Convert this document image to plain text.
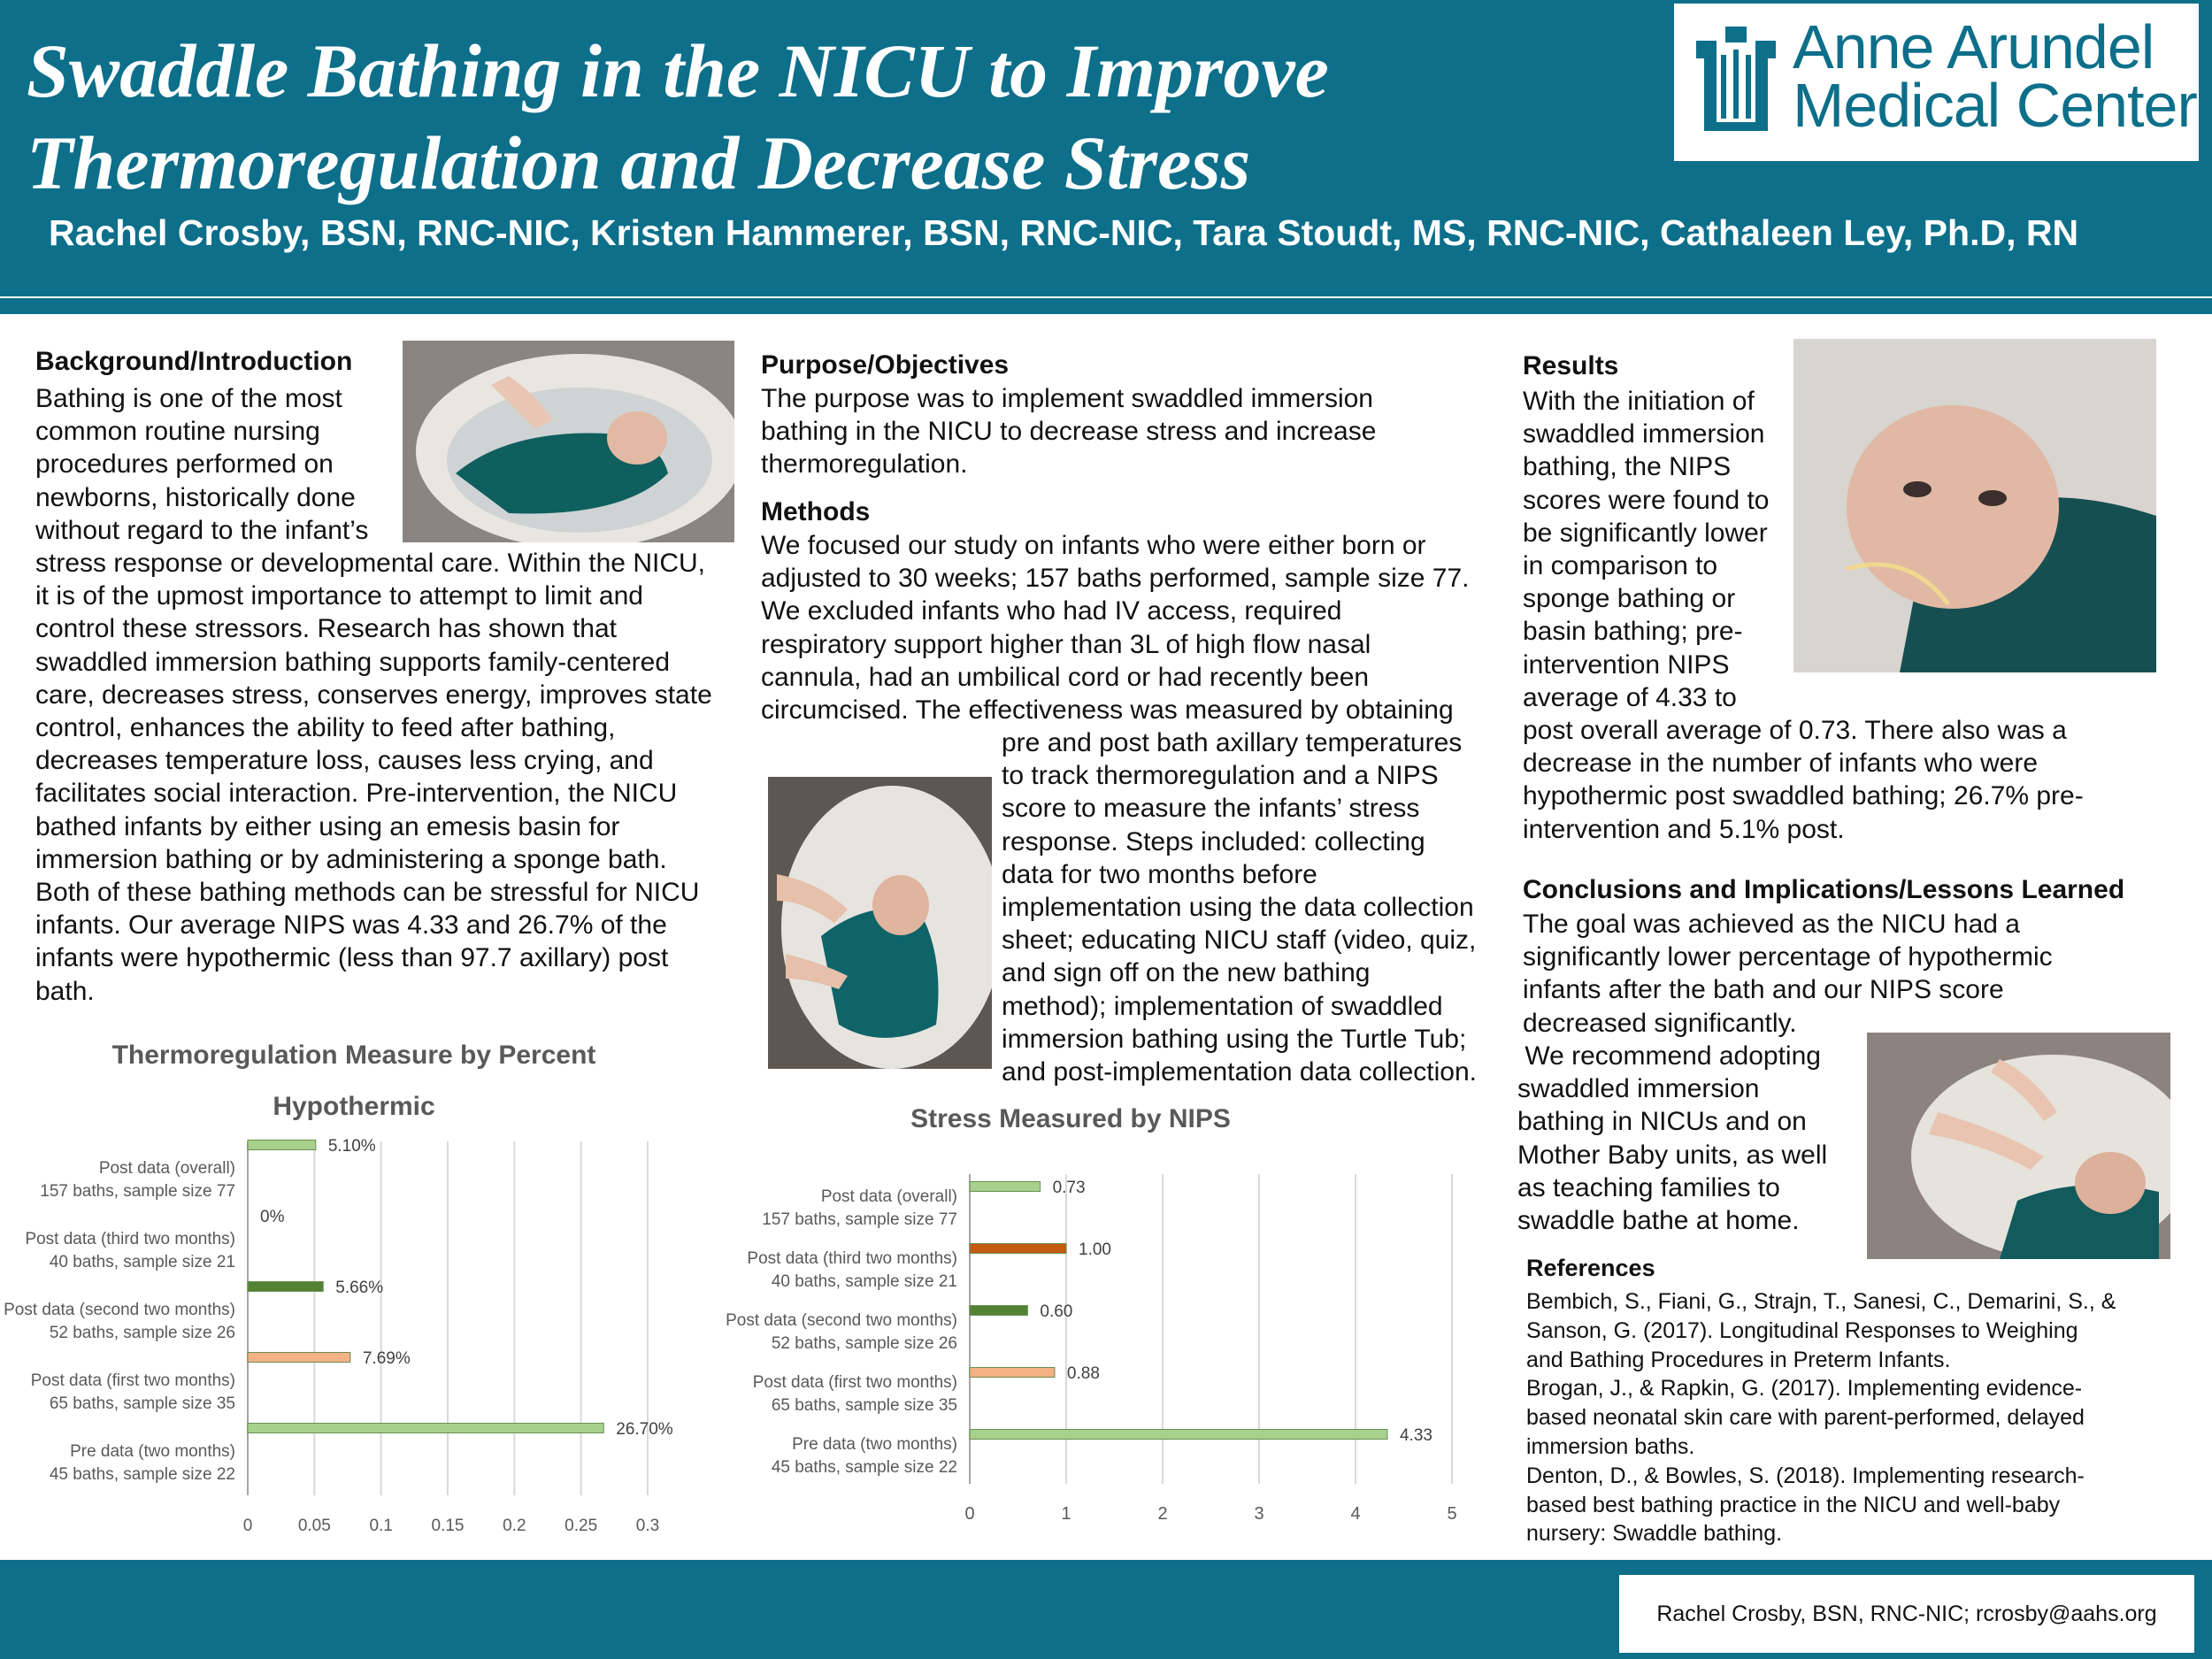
Swaddle Bathing in the NICU to Improve
Thermoregulation and Decrease Stress
Rachel Crosby, BSN, RNC-NIC, Kristen Hammerer, BSN, RNC-NIC, Tara Stoudt, MS, RNC-NIC, Cathaleen Ley, Ph.D, RN
Anne Arundel
Medical Center
Background/Introduction
Bathing is one of the most
common routine nursing
procedures performed on
newborns, historically done
without regard to the infant’s
stress response or developmental care. Within the NICU,
it is of the upmost importance to attempt to limit and
control these stressors. Research has shown that
swaddled immersion bathing supports family-centered
care, decreases stress, conserves energy, improves state
control, enhances the ability to feed after bathing,
decreases temperature loss, causes less crying, and
facilitates social interaction. Pre-intervention, the NICU
bathed infants by either using an emesis basin for
immersion bathing or by administering a sponge bath.
Both of these bathing methods can be stressful for NICU
infants. Our average NIPS was 4.33 and 26.7% of the
infants were hypothermic (less than 97.7 axillary) post
bath.
Purpose/Objectives
The purpose was to implement swaddled immersion
bathing in the NICU to decrease stress and increase
thermoregulation.
Methods
We focused our study on infants who were either born or
adjusted to 30 weeks; 157 baths performed, sample size 77.
We excluded infants who had IV access, required
respiratory support higher than 3L of high flow nasal
cannula, had an umbilical cord or had recently been
circumcised. The effectiveness was measured by obtaining
pre and post bath axillary temperatures
to track thermoregulation and a NIPS
score to measure the infants’ stress
response. Steps included: collecting
data for two months before
implementation using the data collection
sheet; educating NICU staff (video, quiz,
and sign off on the new bathing
method); implementation of swaddled
immersion bathing using the Turtle Tub;
and post-implementation data collection.
Results
With the initiation of
swaddled immersion
bathing, the NIPS
scores were found to
be significantly lower
in comparison to
sponge bathing or
basin bathing; pre-
intervention NIPS
average of 4.33 to
post overall average of 0.73. There also was a
decrease in the number of infants who were
hypothermic post swaddled bathing; 26.7% pre-
intervention and 5.1% post.
Conclusions and Implications/Lessons Learned
The goal was achieved as the NICU had a
significantly lower percentage of hypothermic
infants after the bath and our NIPS score
decreased significantly.
We recommend adopting
swaddled immersion
bathing in NICUs and on
Mother Baby units, as well
as teaching families to
swaddle bathe at home.
References
Bembich, S., Fiani, G., Strajn, T., Sanesi, C., Demarini, S., &
Sanson, G. (2017). Longitudinal Responses to Weighing
and Bathing Procedures in Preterm Infants.
Brogan, J., & Rapkin, G. (2017). Implementing evidence-
based neonatal skin care with parent-performed, delayed
immersion baths.
Denton, D., & Bowles, S. (2018). Implementing research-
based best bathing practice in the NICU and well-baby
nursery: Swaddle bathing.
Thermoregulation Measure by Percent Hypothermic
0	0.05 0.1 0.15 0.2 0.25 0.3
5.10%
Post data (overall)
157 baths, sample size 77
0%
Post data (third two months)
40 baths, sample size 21
5.66%
Post data (second two months)
52 baths, sample size 26
7.69%
Post data (first two months)
65 baths, sample size 35
26.70%
Pre data (two months)
45 baths, sample size 22
Stress Measured by NIPS
0	1	2	3	4	5
0.73
Post data (overall)
157 baths, sample size 77
1.00
Post data (third two months)
40 baths, sample size 21
0.60
Post data (second two months)
52 baths, sample size 26
0.88
Post data (first two months)
65 baths, sample size 35
4.33
Pre data (two months)
45 baths, sample size 22
Rachel Crosby, BSN, RNC-NIC; rcrosby@aahs.org
